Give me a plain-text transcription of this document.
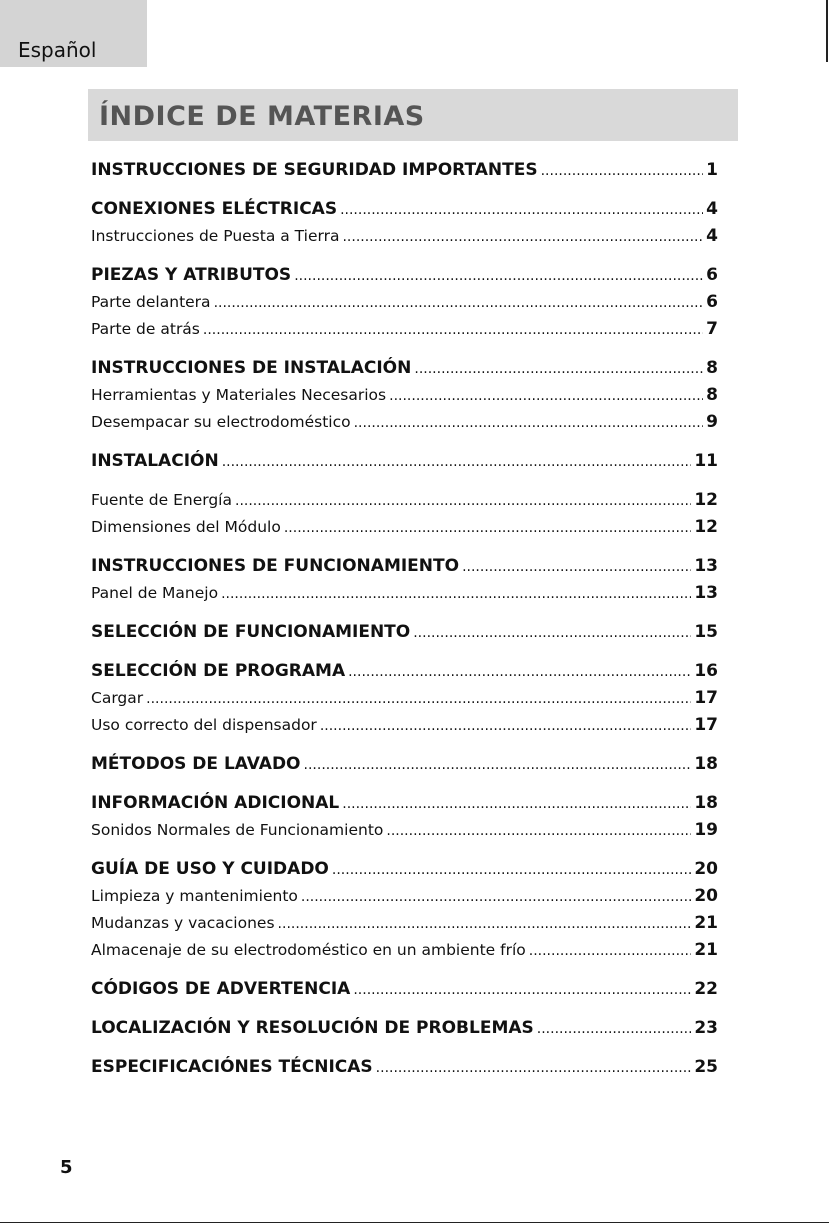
Español
ÍNDICE DE MATERIAS
INSTRUCCIONES DE SEGURIDAD IMPORTANTES .....	1
CONEXIONES ELÉCTRICAS .....	4
Instrucciones de Puesta a Tierra .....	4
PIEZAS Y ATRIBUTOS .....	6
Parte delantera .....	6
Parte de atrás .....	7
INSTRUCCIONES DE INSTALACIÓN .....	8
Herramientas y Materiales Necesarios .....	8
Desempacar su electrodoméstico .....	9
INSTALACIÓN .....	11
Fuente de Energía .....	12
Dimensiones del Módulo .....	12
INSTRUCCIONES DE FUNCIONAMIENTO .....	13
Panel de Manejo .....	13
SELECCIÓN DE FUNCIONAMIENTO .....	15
SELECCIÓN DE PROGRAMA .....	16
Cargar .....	17
Uso correcto del dispensador .....	17
MÉTODOS DE LAVADO .....	18
INFORMACIÓN ADICIONAL .....	18
Sonidos Normales de Funcionamiento .....	19
GUÍA DE USO Y CUIDADO .....	20
Limpieza y mantenimiento .....	20
Mudanzas y vacaciones .....	21
Almacenaje de su electrodoméstico en un ambiente frío .....	21
CÓDIGOS DE ADVERTENCIA .....	22
LOCALIZACIÓN Y RESOLUCIÓN DE PROBLEMAS .....	23
ESPECIFICACIÓNES TÉCNICAS .....	25
5
